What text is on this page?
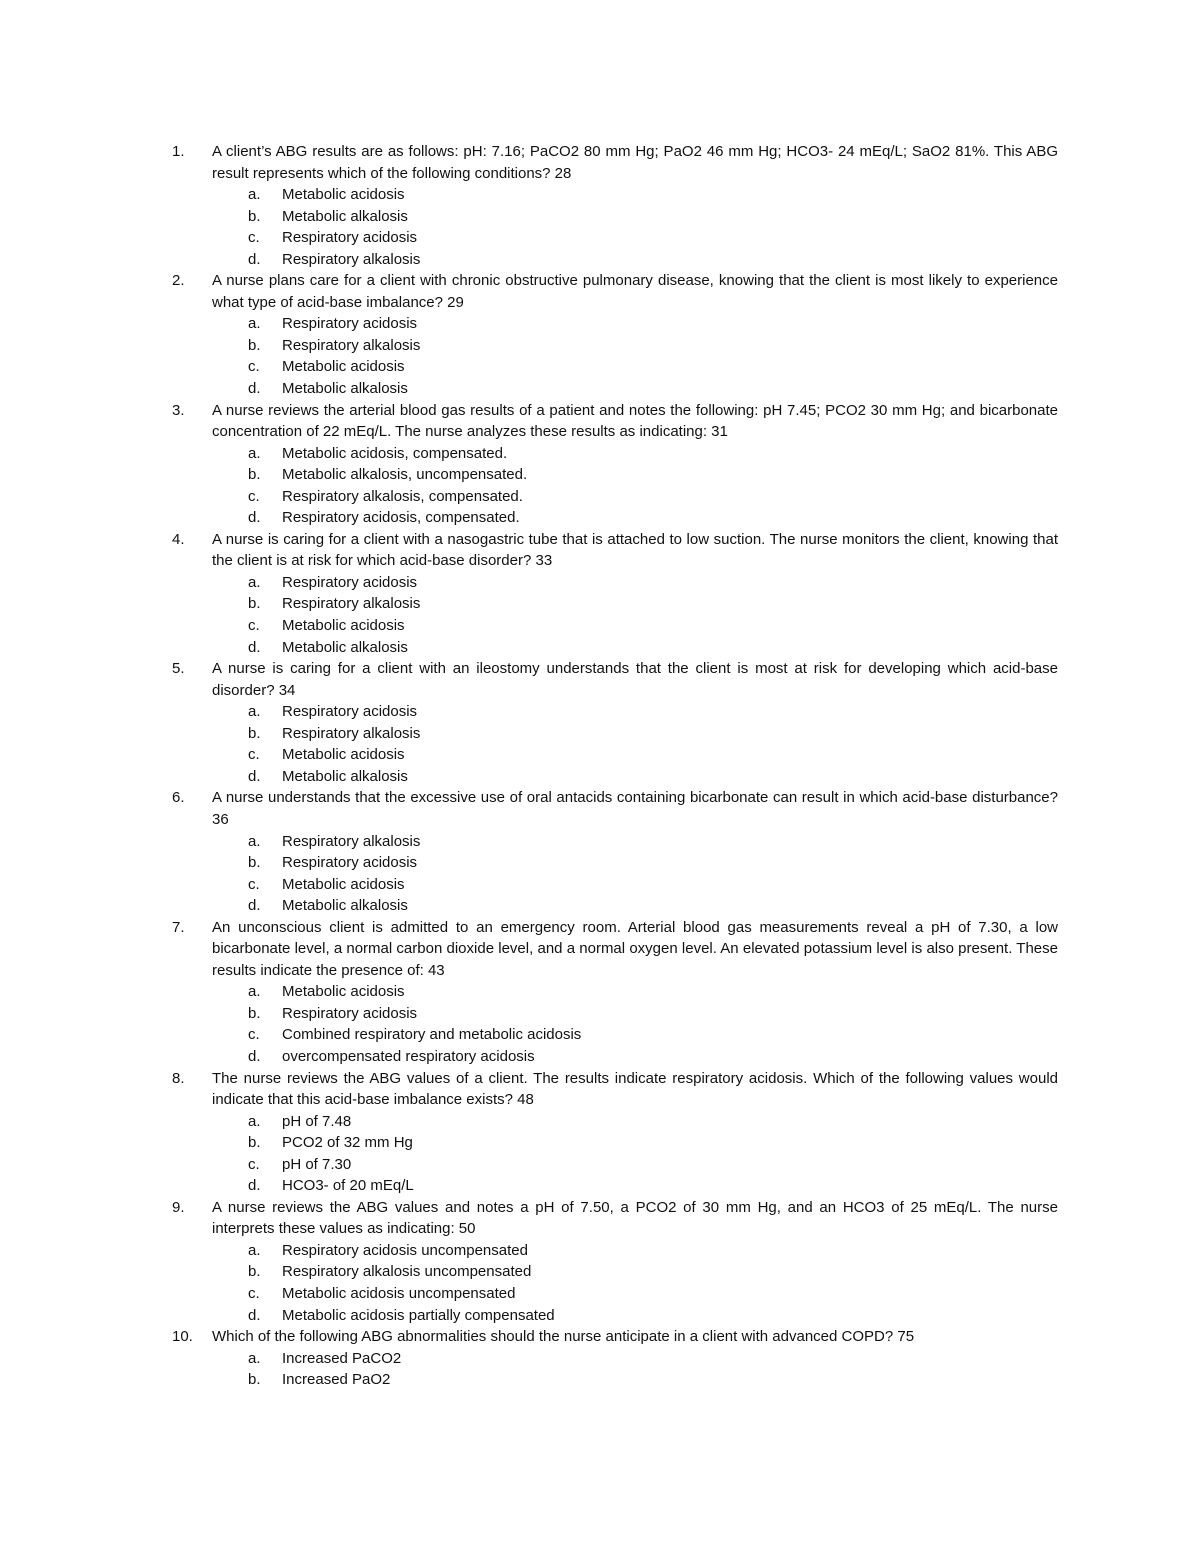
1.	A client’s ABG results are as follows: pH: 7.16; PaCO2 80 mm Hg; PaO2 46 mm Hg; HCO3- 24 mEq/L; SaO2 81%. This ABG result represents which of the following conditions? 28
a.	Metabolic acidosis
b.	Metabolic alkalosis
c.	Respiratory acidosis
d.	Respiratory alkalosis
2.	A nurse plans care for a client with chronic obstructive pulmonary disease, knowing that the client is most likely to experience what type of acid-base imbalance? 29
a.	Respiratory acidosis
b.	Respiratory alkalosis
c.	Metabolic acidosis
d.	Metabolic alkalosis
3.	A nurse reviews the arterial blood gas results of a patient and notes the following: pH 7.45; PCO2 30 mm Hg; and bicarbonate concentration of 22 mEq/L. The nurse analyzes these results as indicating: 31
a.	Metabolic acidosis, compensated.
b.	Metabolic alkalosis, uncompensated.
c.	Respiratory alkalosis, compensated.
d.	Respiratory acidosis, compensated.
4.	A nurse is caring for a client with a nasogastric tube that is attached to low suction. The nurse monitors the client, knowing that the client is at risk for which acid-base disorder? 33
a.	Respiratory acidosis
b.	Respiratory alkalosis
c.	Metabolic acidosis
d.	Metabolic alkalosis
5.	A nurse is caring for a client with an ileostomy understands that the client is most at risk for developing which acid-base disorder? 34
a.	Respiratory acidosis
b.	Respiratory alkalosis
c.	Metabolic acidosis
d.	Metabolic alkalosis
6.	A nurse understands that the excessive use of oral antacids containing bicarbonate can result in which acid-base disturbance? 36
a.	Respiratory alkalosis
b.	Respiratory acidosis
c.	Metabolic acidosis
d.	Metabolic alkalosis
7.	An unconscious client is admitted to an emergency room. Arterial blood gas measurements reveal a pH of 7.30, a low bicarbonate level, a normal carbon dioxide level, and a normal oxygen level. An elevated potassium level is also present. These results indicate the presence of: 43
a.	Metabolic acidosis
b.	Respiratory acidosis
c.	Combined respiratory and metabolic acidosis
d.	overcompensated respiratory acidosis
8.	The nurse reviews the ABG values of a client. The results indicate respiratory acidosis. Which of the following values would indicate that this acid-base imbalance exists? 48
a.	pH of 7.48
b.	PCO2 of 32 mm Hg
c.	pH of 7.30
d.	HCO3- of 20 mEq/L
9.	A nurse reviews the ABG values and notes a pH of 7.50, a PCO2 of 30 mm Hg, and an HCO3 of 25 mEq/L. The nurse interprets these values as indicating: 50
a.	Respiratory acidosis uncompensated
b.	Respiratory alkalosis uncompensated
c.	Metabolic acidosis uncompensated
d.	Metabolic acidosis partially compensated
10.	Which of the following ABG abnormalities should the nurse anticipate in a client with advanced COPD? 75
a.	Increased PaCO2
b.	Increased PaO2
